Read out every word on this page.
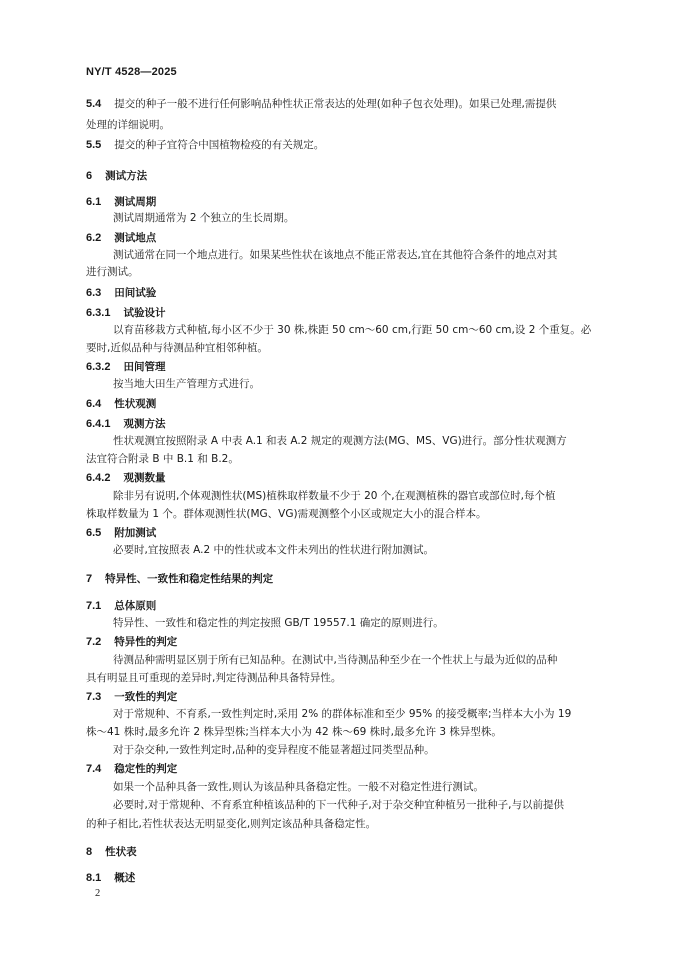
NY/T 4528—2025
5.4 提交的种子一般不进行任何影响品种性状正常表达的处理(如种子包衣处理)。如果已处理,需提供
处理的详细说明。
5.5 提交的种子宜符合中国植物检疫的有关规定。
6 测试方法
6.1 测试周期
测试周期通常为 2 个独立的生长周期。
6.2 测试地点
测试通常在同一个地点进行。如果某些性状在该地点不能正常表达,宜在其他符合条件的地点对其
进行测试。
6.3 田间试验
6.3.1 试验设计
以育苗移栽方式种植,每小区不少于 30 株,株距 50 cm～60 cm,行距 50 cm～60 cm,设 2 个重复。必
要时,近似品种与待测品种宜相邻种植。
6.3.2 田间管理
按当地大田生产管理方式进行。
6.4 性状观测
6.4.1 观测方法
性状观测宜按照附录 A 中表 A.1 和表 A.2 规定的观测方法(MG、MS、VG)进行。部分性状观测方
法宜符合附录 B 中 B.1 和 B.2。
6.4.2 观测数量
除非另有说明,个体观测性状(MS)植株取样数量不少于 20 个,在观测植株的器官或部位时,每个植
株取样数量为 1 个。群体观测性状(MG、VG)需观测整个小区或规定大小的混合样本。
6.5 附加测试
必要时,宜按照表 A.2 中的性状或本文件未列出的性状进行附加测试。
7 特异性、一致性和稳定性结果的判定
7.1 总体原则
特异性、一致性和稳定性的判定按照 GB/T 19557.1 确定的原则进行。
7.2 特异性的判定
待测品种需明显区别于所有已知品种。在测试中,当待测品种至少在一个性状上与最为近似的品种
具有明显且可重现的差异时,判定待测品种具备特异性。
7.3 一致性的判定
对于常规种、不育系,一致性判定时,采用 2% 的群体标准和至少 95% 的接受概率;当样本大小为 19
株～41 株时,最多允许 2 株异型株;当样本大小为 42 株～69 株时,最多允许 3 株异型株。
对于杂交种,一致性判定时,品种的变异程度不能显著超过同类型品种。
7.4 稳定性的判定
如果一个品种具备一致性,则认为该品种具备稳定性。一般不对稳定性进行测试。
必要时,对于常规种、不育系宜种植该品种的下一代种子,对于杂交种宜种植另一批种子,与以前提供
的种子相比,若性状表达无明显变化,则判定该品种具备稳定性。
8 性状表
8.1 概述
2
